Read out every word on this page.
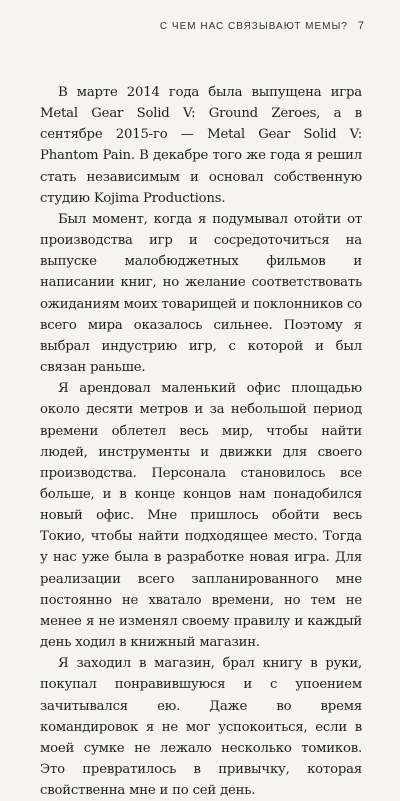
С ЧЕМ НАС СВЯЗЫВАЮТ МЕМЫ? 7

В марте 2014 года была выпущена игра Metal Gear Solid V: Ground Zeroes, а в сентябре 2015-го — Metal Gear Solid V: Phantom Pain. В декабре того же года я решил стать независимым и основал собственную студию Kojima Productions.

Был момент, когда я подумывал отойти от производства игр и сосредоточиться на выпуске малобюджетных фильмов и написании книг, но желание соответствовать ожиданиям моих товарищей и поклонников со всего мира оказалось сильнее. Поэтому я выбрал индустрию игр, с которой и был связан раньше.

Я арендовал маленький офис площадью около десяти метров и за небольшой период времени облетел весь мир, чтобы найти людей, инструменты и движки для своего производства. Персонала становилось все больше, и в конце концов нам понадобился новый офис. Мне пришлось обойти весь Токио, чтобы найти подходящее место. Тогда у нас уже была в разработке новая игра. Для реализации всего запланированного мне постоянно не хватало времени, но тем не менее я не изменял своему правилу и каждый день ходил в книжный магазин.

Я заходил в магазин, брал книгу в руки, покупал понравившуюся и с упоением зачитывался ею. Даже во время командировок я не мог успокоиться, если в моей сумке не лежало несколько томиков. Это превратилось в привычку, которая свойственна мне и по сей день.
